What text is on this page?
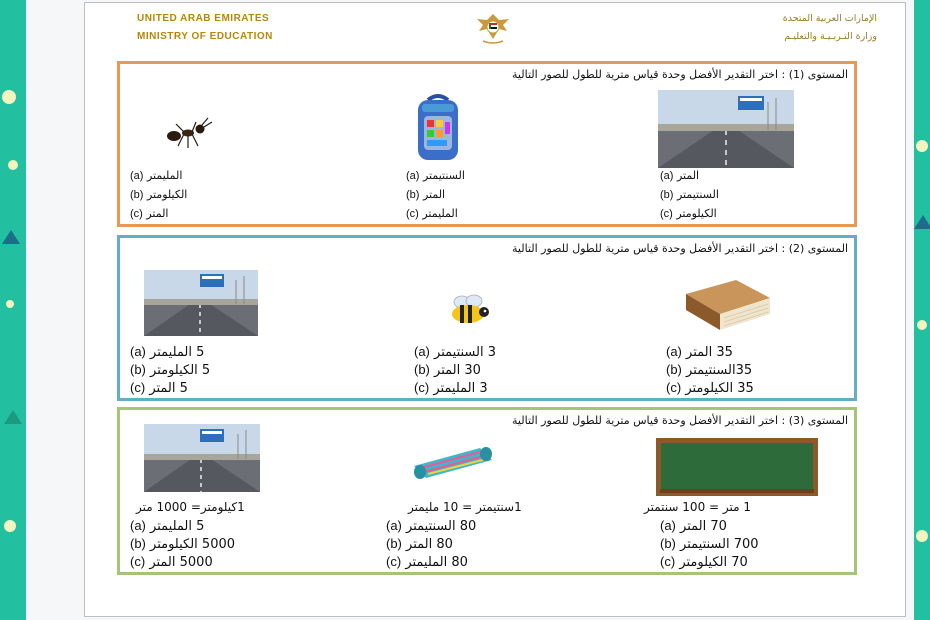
UNITED ARAB EMIRATES
MINISTRY OF EDUCATION
الإمارات العربية المتحدة
وزارة التـربـيـة والتعليـم
المستوى (1) : اختر التقدير الأفضل وحدة قياس مترية للطول للصور التالية
(a) المليمتر
(b) الكيلومتر
(c) المتر
(a) السنتيمتر
(b) المتر
(c) المليمتر
(a) المتر
(b) السنتيمتر
(c) الكيلومتر
المستوى (2) : اختر التقدير الأفضل وحدة قياس مترية للطول للصور التالية
(a) 5 المليمتر
(b) 5 الكيلومتر
(c) 5 المتر
(a) 3 السنتيمتر
(b) 30 المتر
(c) 3 المليمتر
(a) 35 المتر
(b) 35السنتيمتر
(c) 35 الكيلومتر
المستوى (3) : اختر التقدير الأفضل وحدة قياس مترية للطول للصور التالية
1كيلومتر= 1000 متر	1سنتيمتر = 10 مليمتر	1 متر = 100 سنتمتر
(a) 5 المليمتر
(b) 5000 الكيلومتر
(c) 5000 المتر
(a) 80 السنتيمتر
(b) 80 المتر
(c) 80 المليمتر
(a) 70 المتر
(b) 700 السنتيمتر
(c) 70 الكيلومتر
